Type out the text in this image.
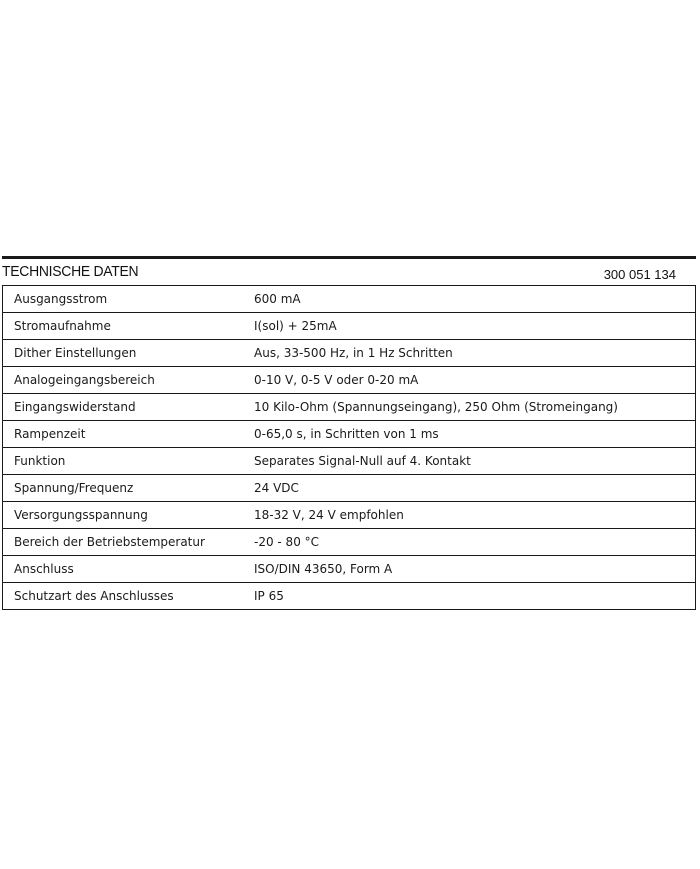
TECHNISCHE DATEN	300 051 134
Ausgangsstrom	600 mA
Stromaufnahme	I(sol) + 25mA
Dither Einstellungen	Aus, 33-500 Hz, in 1 Hz Schritten
Analogeingangsbereich	0-10 V, 0-5 V oder 0-20 mA
Eingangswiderstand	10 Kilo-Ohm (Spannungseingang), 250 Ohm (Stromeingang)
Rampenzeit	0-65,0 s, in Schritten von 1 ms
Funktion	Separates Signal-Null auf 4. Kontakt
Spannung/Frequenz	24 VDC
Versorgungsspannung	18-32 V, 24 V empfohlen
Bereich der Betriebstemperatur	-20 - 80 °C
Anschluss	ISO/DIN 43650, Form A
Schutzart des Anschlusses	IP 65
